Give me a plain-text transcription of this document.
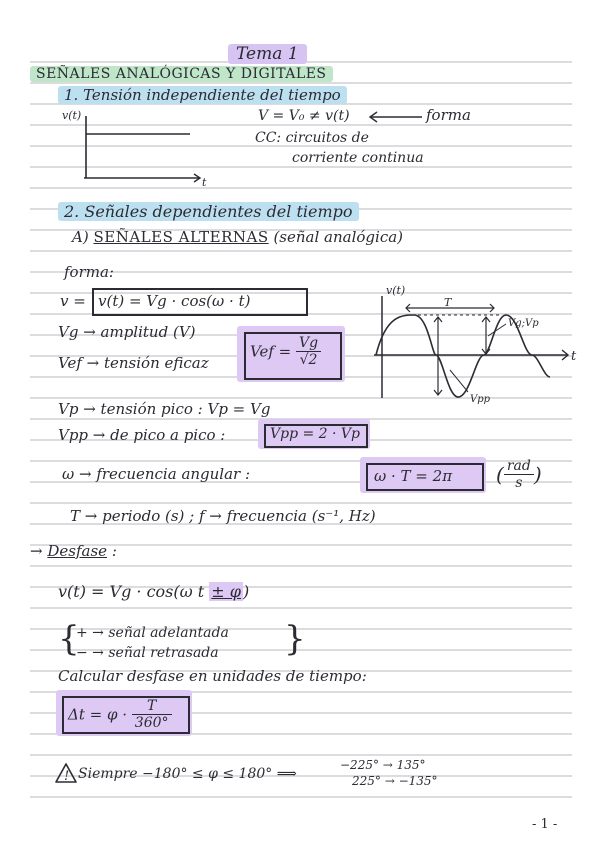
Tema 1
SEÑALES ANALÓGICAS Y DIGITALES
1. Tensión independiente del tiempo
v(t)
t
V = V₀ ≠ v(t)	forma
CC: circuitos de
corriente continua
2. Señales dependientes del tiempo
A) SEÑALES ALTERNAS (señal analógica)
forma:
v = v(t) = Vg · cos(ω · t)
Vg → amplitud (V)
Vef → tensión eficaz
Vef = $\frac{Vg}{√2}$
v(t)
T
Vg;Vp
t
Vpp
Vp → tensión pico : Vp = Vg
Vpp → de pico a pico :	Vpp = 2 · Vp
ω → frecuencia angular :	ω · T = 2π ( $\frac{\text{rad}}{s}$ )
T → periodo (s) ; f → frecuencia (s⁻¹, Hz)
→ Desfase :
v(t) = Vg · cos(ω t ± φ )
{
+ → señal adelantada
− → señal retrasada }
Calcular desfase en unidades de tiempo:
$\Delta t = \varphi \cdot \frac{T}{360^\circ}$
! Siempre −180° ≤ φ ≤ 180° ⟹
−225° → 135°
225° → −135°
- 1 -
